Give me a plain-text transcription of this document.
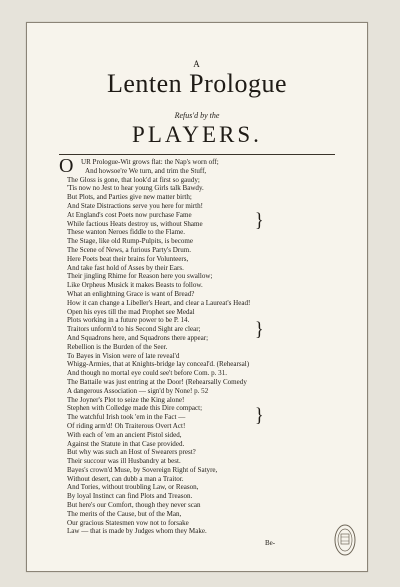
A
Lenten Prologue
Refus'd by the
PLAYERS.
O	UR Prologue-Wit grows flat: the Nap's worn off;
And howsoe're We turn, and trim the Stuff,
The Gloss is gone, that look'd at first so gaudy;
'Tis now no Jest to hear young Girls talk Bawdy.
But Plots, and Parties give new matter birth;
And State Distractions serve you here for mirth!
At England's cost Poets now purchase Fame
While factious Heats destroy us, without Shame
These wanton Neroes fiddle to the Flame.
The Stage, like old Rump-Pulpits, is become
The Scene of News, a furious Party's Drum.
Here Poets beat their brains for Volunteers,
And take fast hold of Asses by their Ears.
Their jingling Rhime for Reason here you swallow;
Like Orpheus Musick it makes Beasts to follow.
What an enlightning Grace is want of Bread?
How it can change a Libeller's Heart, and clear a Laureat's Head!
Open his eyes till the mad Prophet see Medal
Plots working in a future power to be P. 14.
Traitors unform'd to his Second Sight are clear;
And Squadrons here, and Squadrons there appear;
Rebellion is the Burden of the Seer.
To Bayes in Vision were of late reveal'd
Whigg-Armies, that at Knights-bridge lay conceal'd. (Rehearsal)
And though no mortal eye could see't before Com. p. 31.
The Battaile was just entring at the Door! (Rehearsally Comedy
A dangerous Association — sign'd by None! p. 52
The Joyner's Plot to seize the King alone!
Stephen with Colledge made this Dire compact;
The watchful Irish took 'em in the Fact —
Of riding arm'd! Oh Traiterous Overt Act!
With each of 'em an ancient Pistol sided,
Against the Statute in that Case provided.
But why was such an Host of Swearers prest?
Their succour was ill Husbandry at best.
Bayes's crown'd Muse, by Sovereign Right of Satyre,
Without desert, can dubb a man a Traitor.
And Tories, without troubling Law, or Reason,
By loyal Instinct can find Plots and Treason.
But here's our Comfort, though they never scan
The merits of the Cause, but of the Man,
Our gracious Statesmen vow not to forsake
Law — that is made by Judges whom they Make.
}
}
}
Be-
